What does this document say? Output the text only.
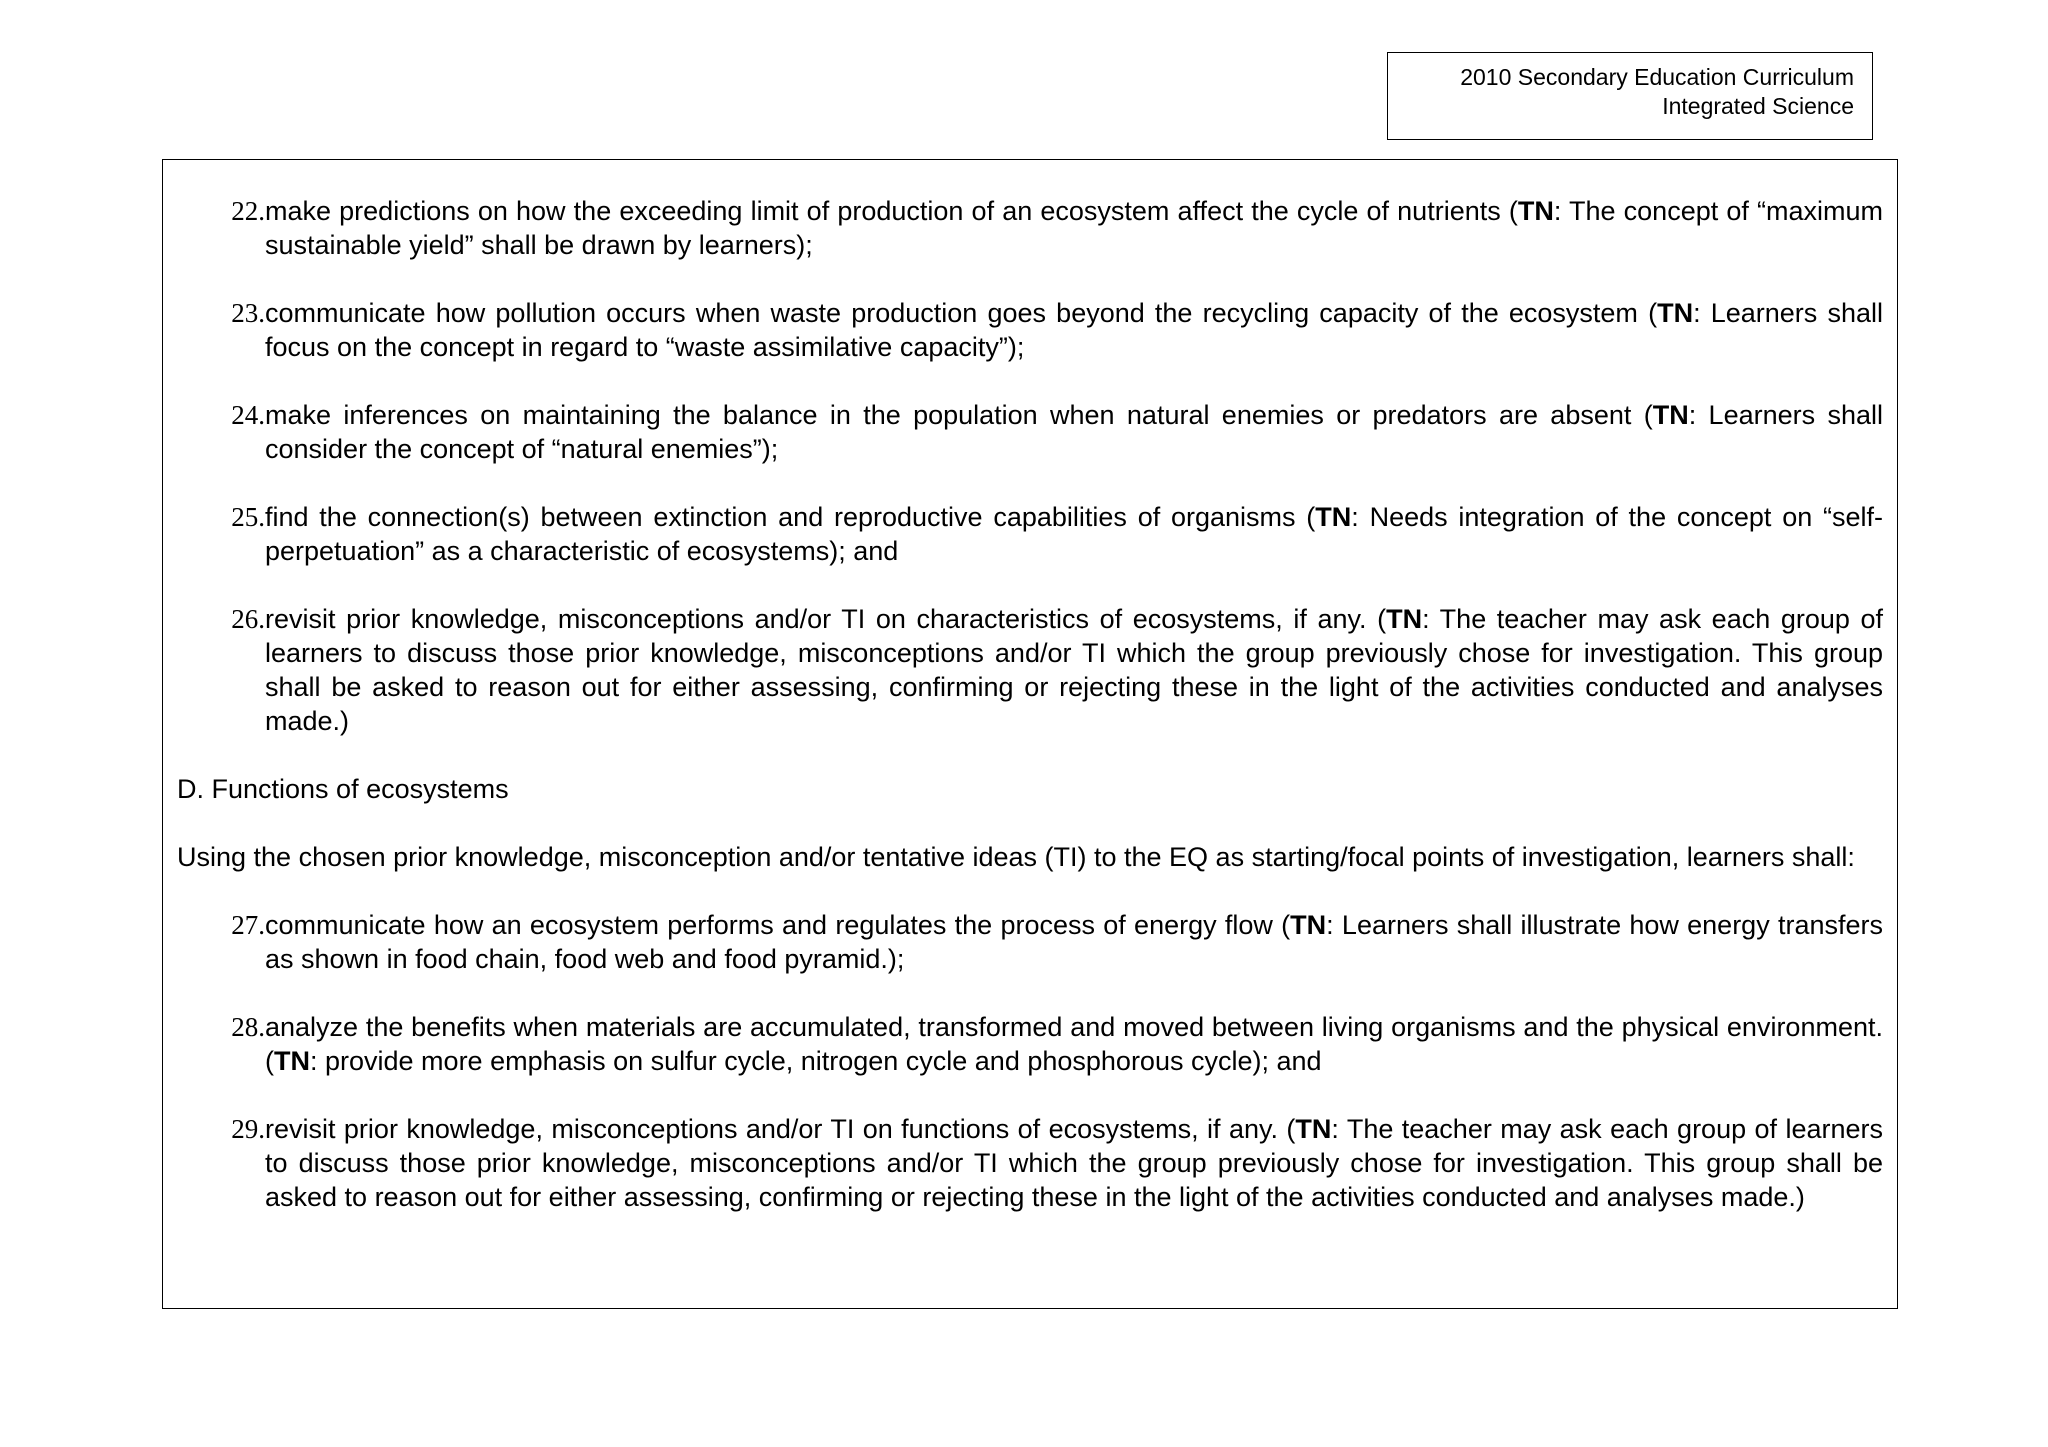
2010 Secondary Education Curriculum
Integrated Science
22. make predictions on how the exceeding limit of production of an ecosystem affect the cycle of nutrients (TN: The concept of “maximum sustainable yield” shall be drawn by learners);
23. communicate how pollution occurs when waste production goes beyond the recycling capacity of the ecosystem (TN: Learners shall focus on the concept in regard to “waste assimilative capacity”);
24. make inferences on maintaining the balance in the population when natural enemies or predators are absent (TN: Learners shall consider the concept of “natural enemies”);
25. find the connection(s) between extinction and reproductive capabilities of organisms (TN: Needs integration of the concept on “self-perpetuation” as a characteristic of ecosystems); and
26. revisit prior knowledge, misconceptions and/or TI on characteristics of ecosystems, if any. (TN: The teacher may ask each group of learners to discuss those prior knowledge, misconceptions and/or TI which the group previously chose for investigation. This group shall be asked to reason out for either assessing, confirming or rejecting these in the light of the activities conducted and analyses made.)
D. Functions of ecosystems
Using the chosen prior knowledge, misconception and/or tentative ideas (TI) to the EQ as starting/focal points of investigation, learners shall:
27. communicate how an ecosystem performs and regulates the process of energy flow (TN: Learners shall illustrate how energy transfers as shown in food chain, food web and food pyramid.);
28. analyze the benefits when materials are accumulated, transformed and moved between living organisms and the physical environment. (TN: provide more emphasis on sulfur cycle, nitrogen cycle and phosphorous cycle); and
29. revisit prior knowledge, misconceptions and/or TI on functions of ecosystems, if any. (TN: The teacher may ask each group of learners to discuss those prior knowledge, misconceptions and/or TI which the group previously chose for investigation. This group shall be asked to reason out for either assessing, confirming or rejecting these in the light of the activities conducted and analyses made.)
